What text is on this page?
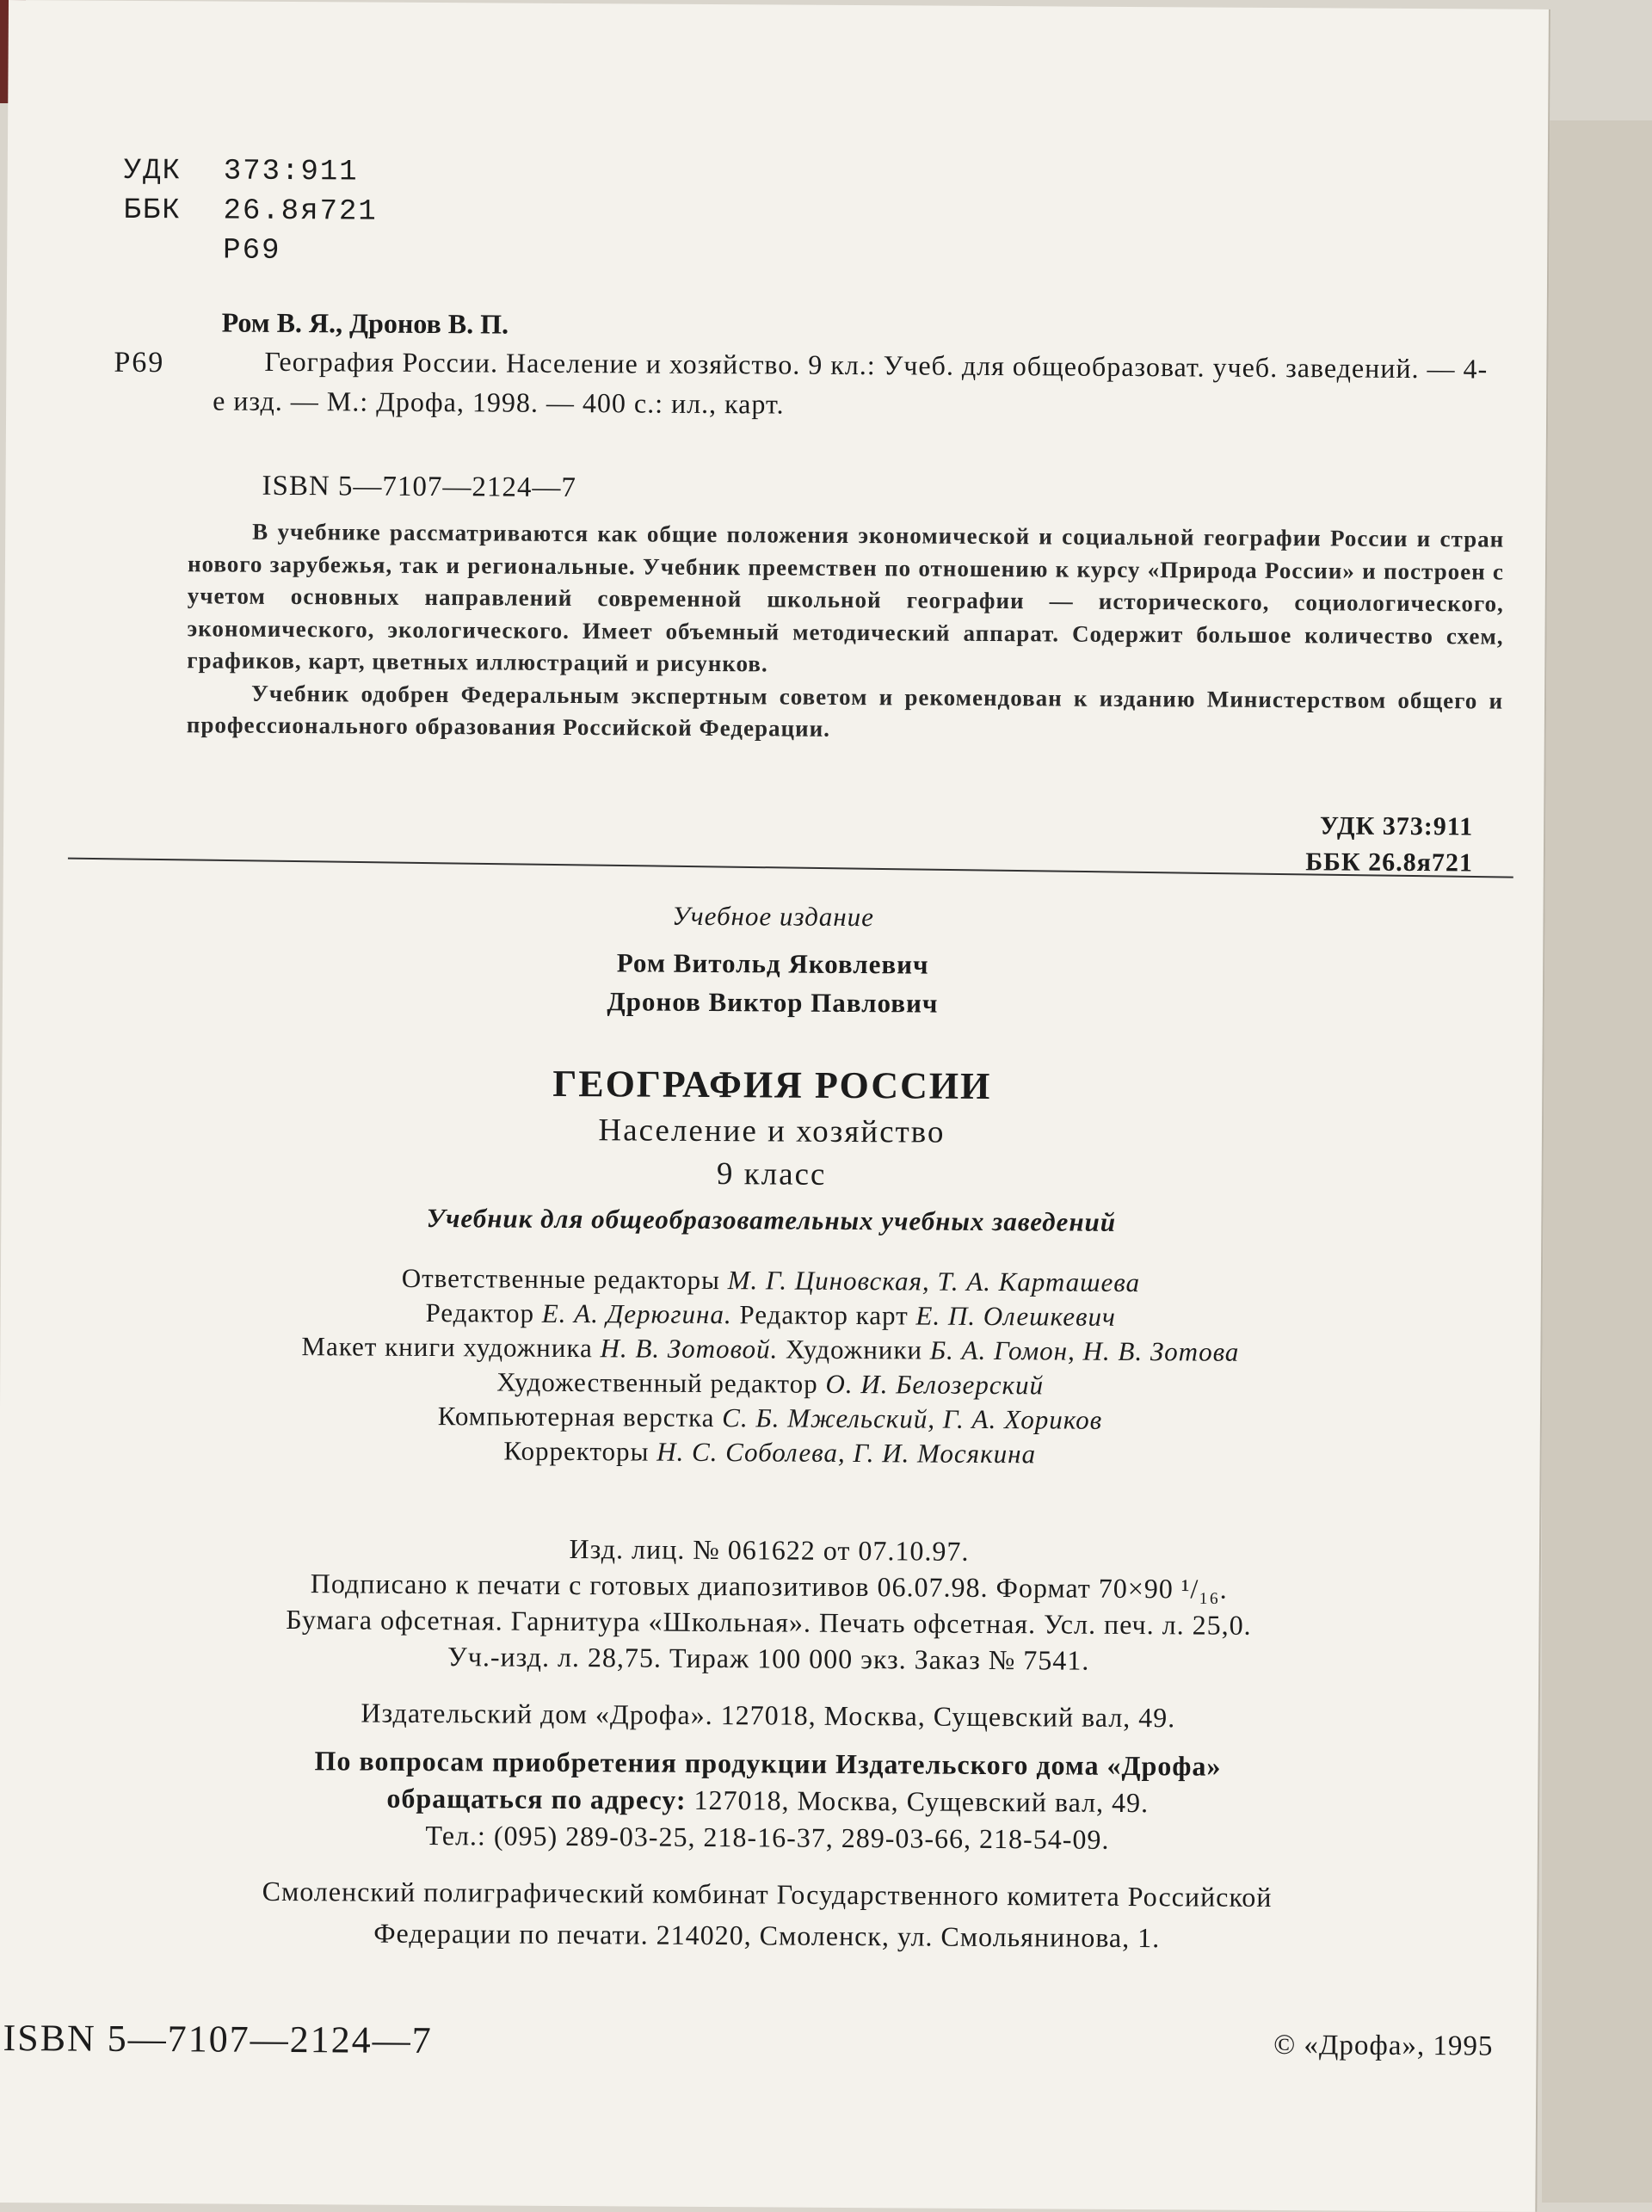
УДК	373:911
ББК	26.8я721
Р69
Ром В. Я., Дронов В. П.
Р69	География России. Население и хозяйство. 9 кл.: Учеб. для общеобразоват. учеб. заведений. — 4-е изд. — М.: Дрофа, 1998. — 400 с.: ил., карт.
ISBN 5—7107—2124—7

В учебнике рассматриваются как общие положения экономической и социальной географии России и стран нового зарубежья, так и региональные. Учебник преемствен по отношению к курсу «Природа России» и построен с учетом основных направлений современной школьной географии — исторического, социологического, экономического, экологического. Имеет объемный методический аппарат. Содержит большое количество схем, графиков, карт, цветных иллюстраций и рисунков.

Учебник одобрен Федеральным экспертным советом и рекомендован к изданию Министерством общего и профессионального образования Российской Федерации.

УДК 373:911
ББК 26.8я721
Учебное издание
Ром Витольд Яковлевич
Дронов Виктор Павлович
ГЕОГРАФИЯ РОССИИ
Население и хозяйство
9 класс
Учебник для общеобразовательных учебных заведений
Ответственные редакторы М. Г. Циновская, Т. А. Карташева
Редактор Е. А. Дерюгина. Редактор карт Е. П. Олешкевич
Макет книги художника Н. В. Зотовой. Художники Б. А. Гомон, Н. В. Зотова
Художественный редактор О. И. Белозерский
Компьютерная верстка С. Б. Мжельский, Г. А. Хориков
Корректоры Н. С. Соболева, Г. И. Мосякина
Изд. лиц. № 061622 от 07.10.97.
Подписано к печати с готовых диапозитивов 06.07.98. Формат 70×90 ¹/₁₆.
Бумага офсетная. Гарнитура «Школьная». Печать офсетная. Усл. печ. л. 25,0.
Уч.-изд. л. 28,75. Тираж 100 000 экз. Заказ № 7541.
Издательский дом «Дрофа». 127018, Москва, Сущевский вал, 49.
По вопросам приобретения продукции Издательского дома «Дрофа»
обращаться по адресу: 127018, Москва, Сущевский вал, 49.
Тел.: (095) 289-03-25, 218-16-37, 289-03-66, 218-54-09.
Смоленский полиграфический комбинат Государственного комитета Российской
Федерации по печати. 214020, Смоленск, ул. Смольянинова, 1.
ISBN 5—7107—2124—7	© «Дрофа», 1995
